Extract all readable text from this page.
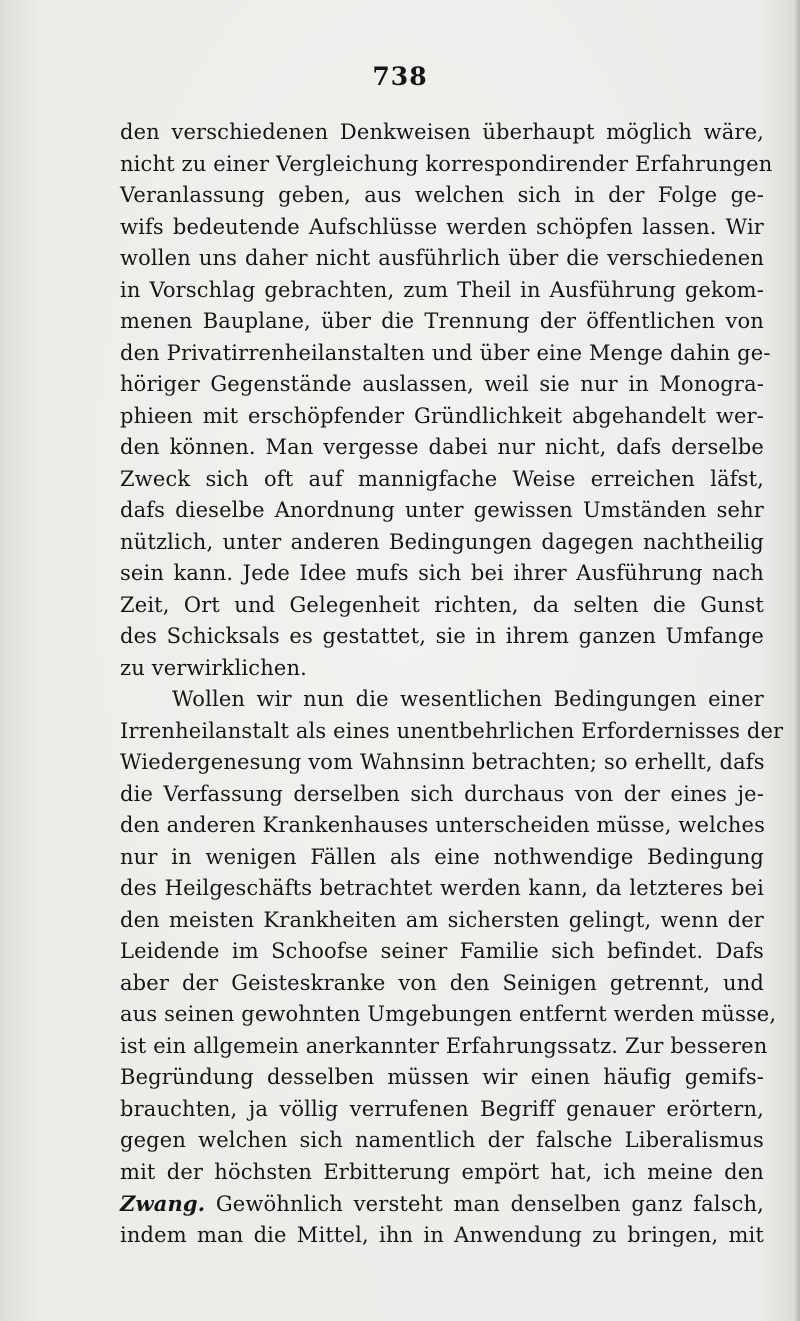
738
den verschiedenen Denkweisen überhaupt möglich wäre,
nicht zu einer Vergleichung korrespondirender Erfahrungen
Veranlassung geben, aus welchen sich in der Folge ge-
wifs bedeutende Aufschlüsse werden schöpfen lassen. Wir
wollen uns daher nicht ausführlich über die verschiedenen
in Vorschlag gebrachten, zum Theil in Ausführung gekom-
menen Bauplane, über die Trennung der öffentlichen von
den Privatirrenheilanstalten und über eine Menge dahin ge-
höriger Gegenstände auslassen, weil sie nur in Monogra-
phieen mit erschöpfender Gründlichkeit abgehandelt wer-
den können. Man vergesse dabei nur nicht, dafs derselbe
Zweck sich oft auf mannigfache Weise erreichen läfst,
dafs dieselbe Anordnung unter gewissen Umständen sehr
nützlich, unter anderen Bedingungen dagegen nachtheilig
sein kann. Jede Idee mufs sich bei ihrer Ausführung nach
Zeit, Ort und Gelegenheit richten, da selten die Gunst
des Schicksals es gestattet, sie in ihrem ganzen Umfange
zu verwirklichen.
Wollen wir nun die wesentlichen Bedingungen einer
Irrenheilanstalt als eines unentbehrlichen Erfordernisses der
Wiedergenesung vom Wahnsinn betrachten; so erhellt, dafs
die Verfassung derselben sich durchaus von der eines je-
den anderen Krankenhauses unterscheiden müsse, welches
nur in wenigen Fällen als eine nothwendige Bedingung
des Heilgeschäfts betrachtet werden kann, da letzteres bei
den meisten Krankheiten am sichersten gelingt, wenn der
Leidende im Schoofse seiner Familie sich befindet. Dafs
aber der Geisteskranke von den Seinigen getrennt, und
aus seinen gewohnten Umgebungen entfernt werden müsse,
ist ein allgemein anerkannter Erfahrungssatz. Zur besseren
Begründung desselben müssen wir einen häufig gemifs-
brauchten, ja völlig verrufenen Begriff genauer erörtern,
gegen welchen sich namentlich der falsche Liberalismus
mit der höchsten Erbitterung empört hat, ich meine den
Zwang. Gewöhnlich versteht man denselben ganz falsch,
indem man die Mittel, ihn in Anwendung zu bringen, mit
